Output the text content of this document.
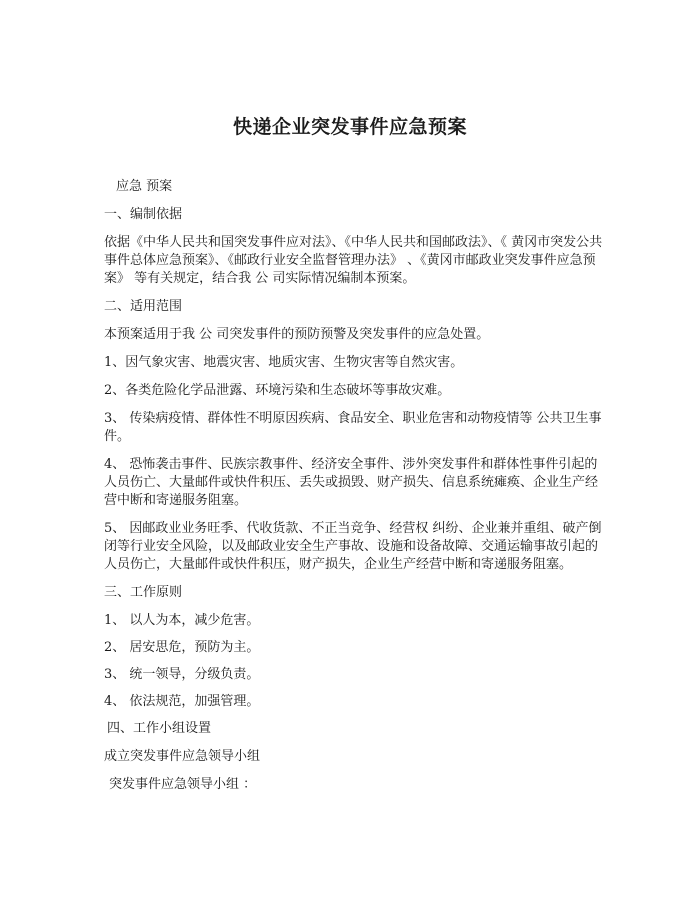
快递企业突发事件应急预案

应急 预案

一、编制依据

依据《中华人民共和国突发事件应对法》、《中华人民共和国邮政法》、《 黄冈市突发公共事件总体应急预案》、《邮政行业安全监督管理办法》 、《黄冈市邮政业突发事件应急预案》 等有关规定，结合我 公 司实际情况编制本预案。

二、适用范围

本预案适用于我 公 司突发事件的预防预警及突发事件的应急处置。

1、因气象灾害、地震灾害、地质灾害、生物灾害等自然灾害。

2、各类危险化学品泄露、环境污染和生态破坏等事故灾难。

3、 传染病疫情、群体性不明原因疾病、食品安全、职业危害和动物疫情等 公共卫生事件。

4、 恐怖袭击事件、民族宗教事件、经济安全事件、涉外突发事件和群体性事件引起的人员伤亡、大量邮件或快件积压、丢失或损毁、财产损失、信息系统瘫痪、企业生产经营中断和寄递服务阻塞。

5、 因邮政业业务旺季、代收货款、不正当竞争、经营权 纠纷、企业兼并重组、破产倒闭等行业安全风险，以及邮政业安全生产事故、设施和设备故障、交通运输事故引起的人员伤亡，大量邮件或快件积压，财产损失，企业生产经营中断和寄递服务阻塞。

三、工作原则

1、 以人为本，减少危害。

2、 居安思危，预防为主。

3、 统一领导，分级负责。

4、 依法规范，加强管理。

四、工作小组设置

成立突发事件应急领导小组

突发事件应急领导小组 ：
